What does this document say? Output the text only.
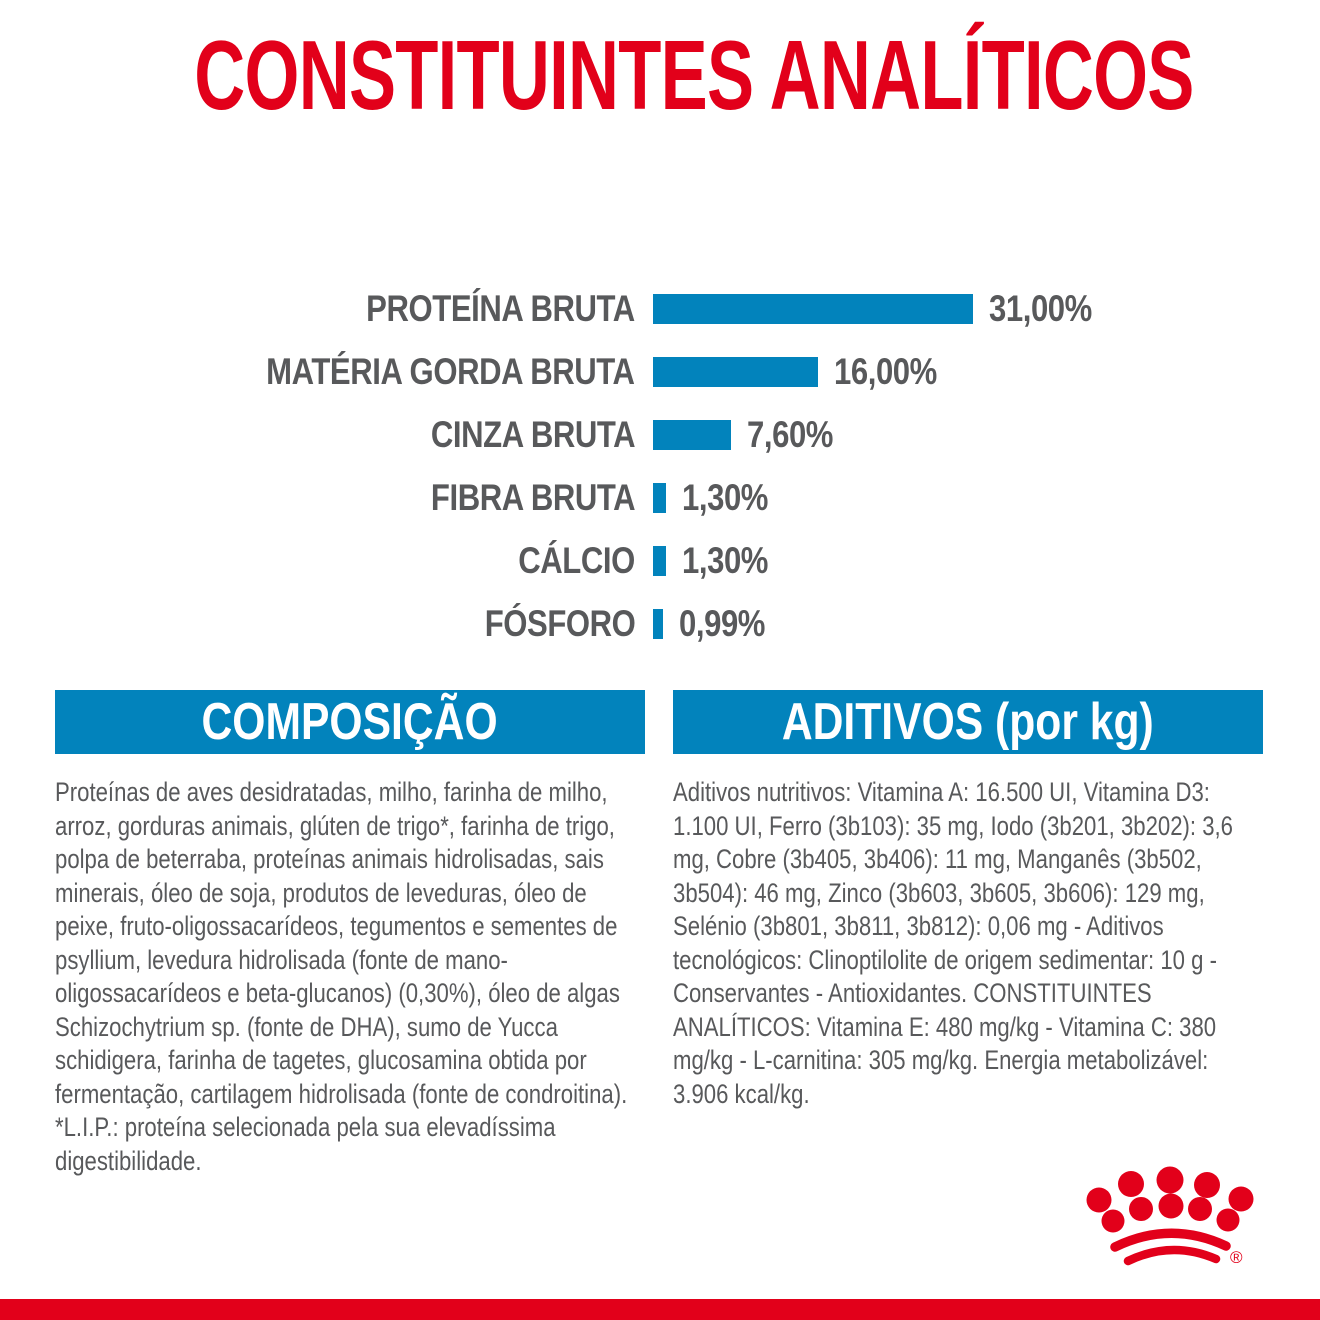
CONSTITUINTES ANALÍTICOS
PROTEÍNA BRUTA	31,00%
MATÉRIA GORDA BRUTA	16,00%
CINZA BRUTA	7,60%
FIBRA BRUTA 1,30%
CÁLCIO 1,30%
FÓSFORO 0,99%
COMPOSIÇÃO

Proteínas de aves desidratadas, milho, farinha de milho, arroz, gorduras animais, glúten de trigo*, farinha de trigo, polpa de beterraba, proteínas animais hidrolisadas, sais minerais, óleo de soja, produtos de leveduras, óleo de peixe, fruto-oligossacarídeos, tegumentos e sementes de psyllium, levedura hidrolisada (fonte de mano-oligossacarídeos e beta-glucanos) (0,30%), óleo de algas Schizochytrium sp. (fonte de DHA), sumo de Yucca schidigera, farinha de tagetes, glucosamina obtida por fermentação, cartilagem hidrolisada (fonte de condroitina). *L.I.P.: proteína selecionada pela sua elevadíssima digestibilidade.

ADITIVOS (por kg)

Aditivos nutritivos: Vitamina A: 16.500 UI, Vitamina D3: 1.100 UI, Ferro (3b103): 35 mg, Iodo (3b201, 3b202): 3,6 mg, Cobre (3b405, 3b406): 11 mg, Manganês (3b502, 3b504): 46 mg, Zinco (3b603, 3b605, 3b606): 129 mg, Selénio (3b801, 3b811, 3b812): 0,06 mg - Aditivos tecnológicos: Clinoptilolite de origem sedimentar: 10 g - Conservantes - Antioxidantes. CONSTITUINTES ANALÍTICOS: Vitamina E: 480 mg/kg - Vitamina C: 380 mg/kg - L-carnitina: 305 mg/kg. Energia metabolizável: 3.906 kcal/kg.

®
